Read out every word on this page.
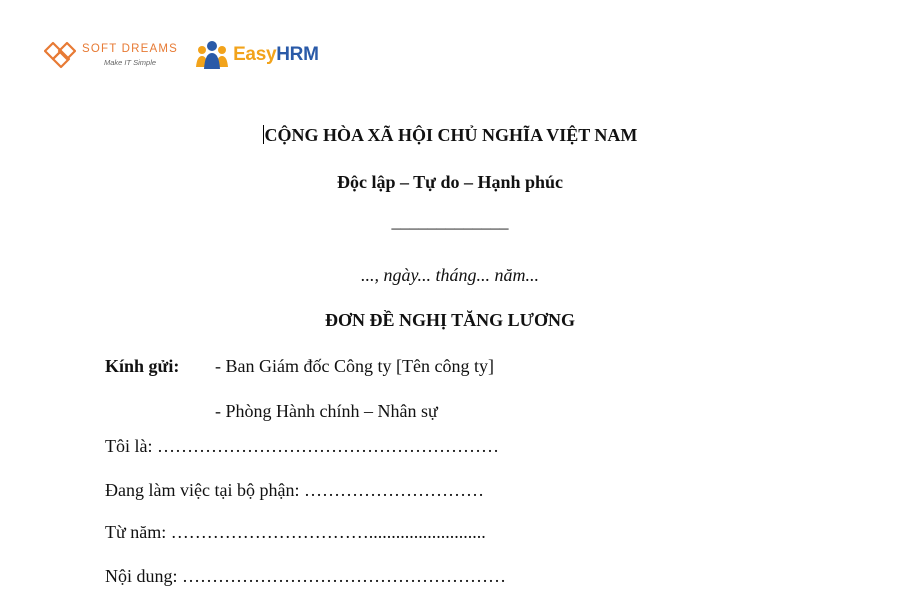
SOFT DREAMS
Make IT Simple	EasyHRM
CỘNG HÒA XÃ HỘI CHỦ NGHĨA VIỆT NAM
Độc lập – Tự do – Hạnh phúc
_____________
..., ngày... tháng... năm...
ĐƠN ĐỀ NGHỊ TĂNG LƯƠNG
Kính gửi: - Ban Giám đốc Công ty [Tên công ty]
- Phòng Hành chính – Nhân sự
Tôi là: …………………………………………………
Đang làm việc tại bộ phận: …………………………
Từ năm: ……………………………..........................
Nội dung: ………………………………………………
